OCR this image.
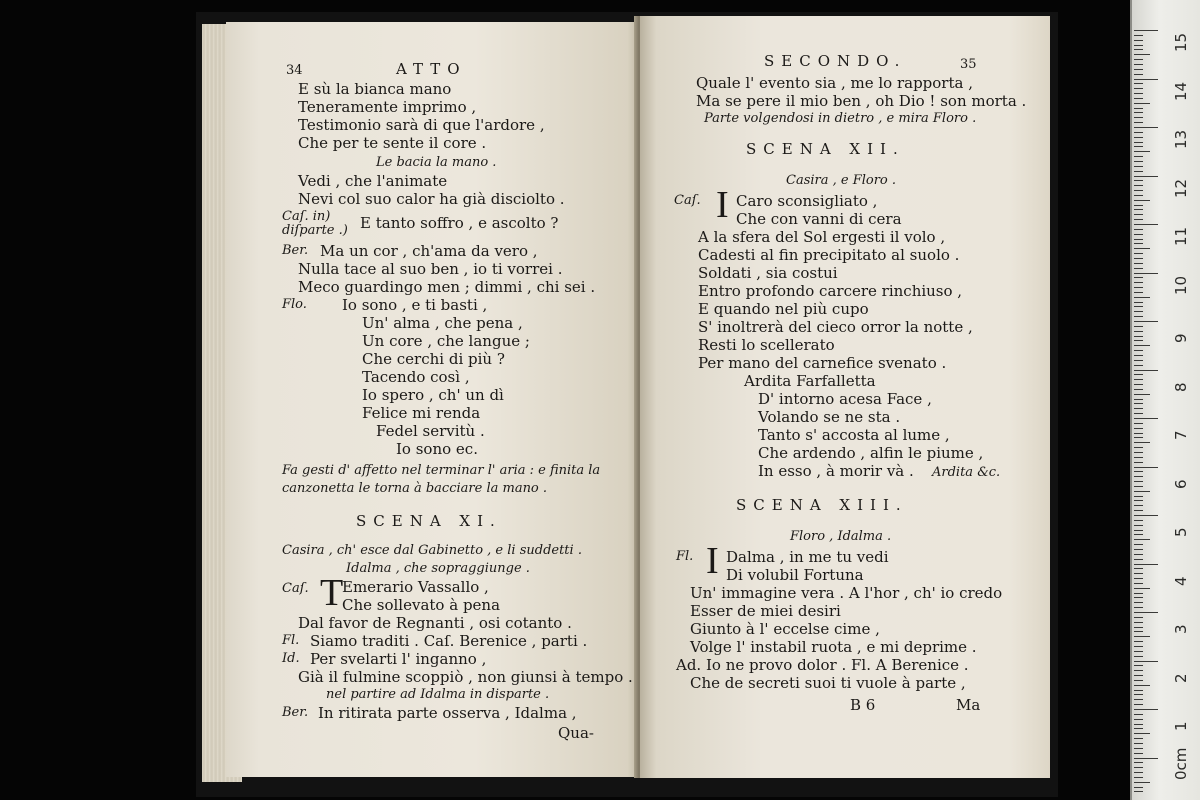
34	ATTO
E sù la bianca mano
Teneramente imprimo ,
Testimonio sarà di que l'ardore ,
Che per te sente il core .
Le bacia la mano .
Vedi , che l'animate
Nevi col suo calor ha già disciolto .
Caſ. in)
diſparte .) E tanto soffro , e ascolto ?
Ber. Ma un cor , ch'ama da vero ,
Nulla tace al suo ben , io ti vorrei .
Meco guardingo men ; dimmi , chi sei .
Flo. Io sono , e ti basti ,
Un' alma , che pena ,
Un core , che langue ;
Che cerchi di più ?
Tacendo così ,
Io spero , ch' un dì
Felice mi renda
Fedel servitù .
Io sono ec.
Fa gesti d' affetto nel terminar l' aria : e finita la
canzonetta le torna à bacciare la mano .
SCENA XI.
Casira , ch' esce dal Gabinetto , e li suddetti .
Idalma , che sopraggiunge .
Caſ. T
Emerario Vassallo ,
Che sollevato à pena
Dal favor de Regnanti , osi cotanto .
Fl. Siamo traditi . Caſ. Berenice , parti .
Id. Per svelarti l' inganno ,
Già il fulmine scoppiò , non giunsi à tempo .
nel partire ad Idalma in disparte .
Ber. In ritirata parte osserva , Idalma ,
Qua-
SECONDO.	35
Quale l' evento sia , me lo rapporta ,
Ma se pere il mio ben , oh Dio ! son morta .
Parte volgendosi in dietro , e mira Floro .
SCENA XII.
Casira , e Floro .
Caſ. I Caro sconsigliato ,
Che con vanni di cera
A la sfera del Sol ergesti il volo ,
Cadesti al fin precipitato al suolo .
Soldati , sia costui
Entro profondo carcere rinchiuso ,
E quando nel più cupo
S' inoltrerà del cieco orror la notte ,
Resti lo scellerato
Per mano del carnefice svenato .
Ardita Farfalletta
D' intorno acesa Face ,
Volando se ne sta .
Tanto s' accosta al lume ,
Che ardendo , alfin le piume ,
In esso , à morir và . Ardita &c.
SCENA XIII.
Floro , Idalma .
Fl. I Dalma , in me tu vedi
Di volubil Fortuna
Un' immagine vera . A l'hor , ch' io credo
Esser de miei desiri
Giunto à l' eccelse cime ,
Volge l' instabil ruota , e mi deprime .
Ad. Io ne provo dolor . Fl. A Berenice .
Che de secreti suoi ti vuole à parte ,
B 6	Ma
15
14
13
12
11
10
9
8
7
6
5
4
3
2
1
0cm
